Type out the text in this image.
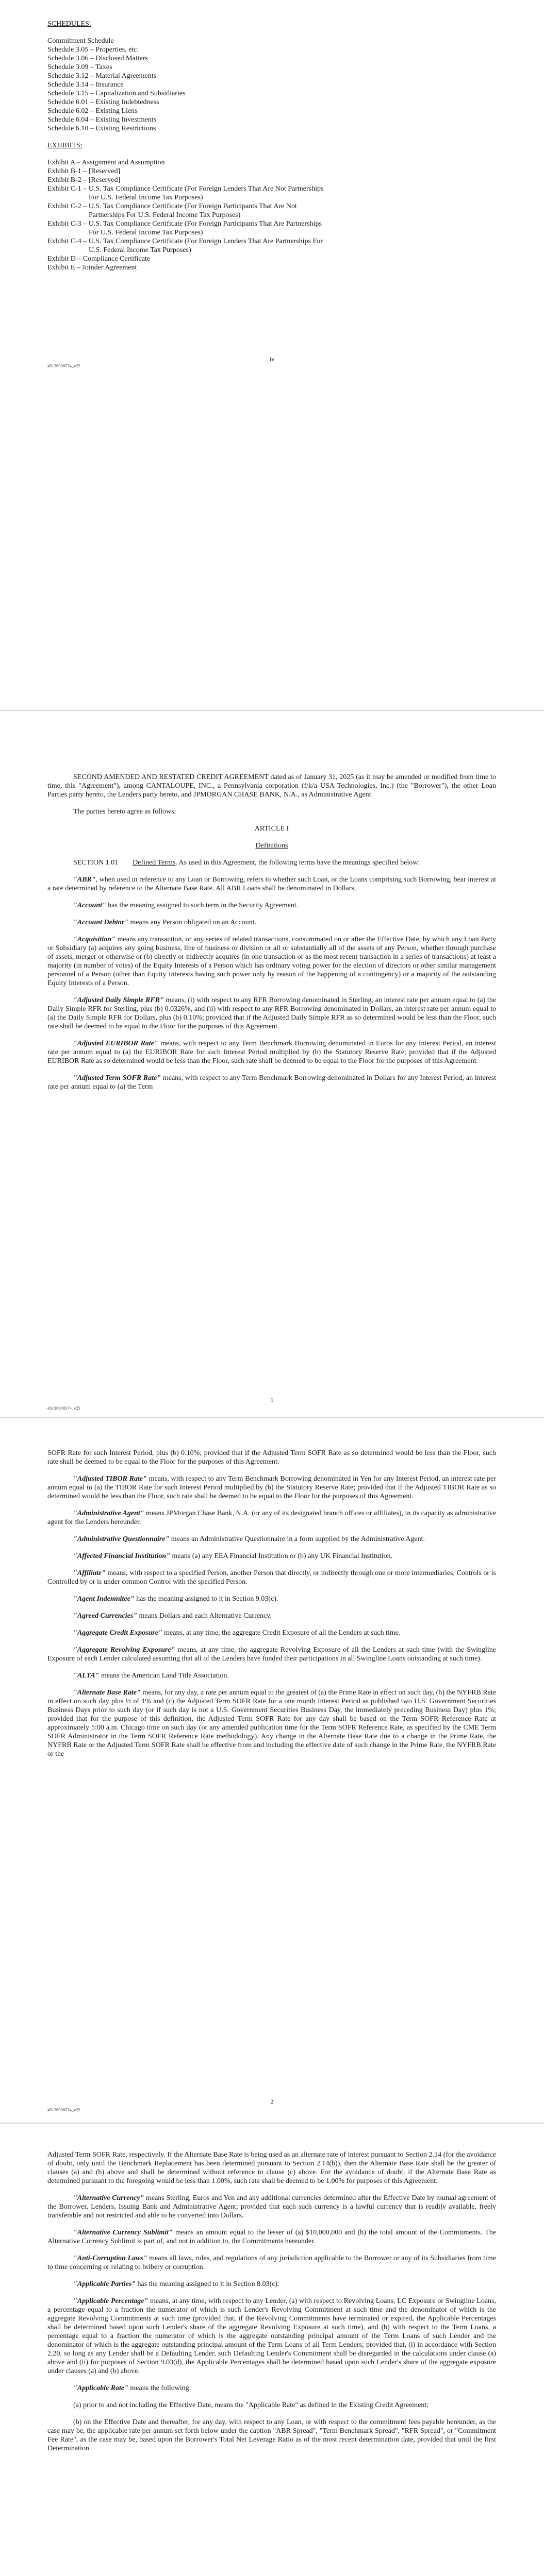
SCHEDULES:
Commitment Schedule
Schedule 3.05 – Properties, etc.
Schedule 3.06 – Disclosed Matters
Schedule 3.09 – Taxes
Schedule 3.12 – Material Agreements
Schedule 3.14 – Insurance
Schedule 3.15 – Capitalization and Subsidiaries
Schedule 6.01 – Existing Indebtedness
Schedule 6.02 – Existing Liens
Schedule 6.04 – Existing Investments
Schedule 6.10 – Existing Restrictions
EXHIBITS:
Exhibit A – Assignment and Assumption
Exhibit B-1 – [Reserved]
Exhibit B-2 – [Reserved]
Exhibit C-1 – U.S. Tax Compliance Certificate (For Foreign Lenders That Are Not Partnerships
For U.S. Federal Income Tax Purposes)
Exhibit C-2 – U.S. Tax Compliance Certificate (For Foreign Participants That Are Not
Partnerships For U.S. Federal Income Tax Purposes)
Exhibit C-3 – U.S. Tax Compliance Certificate (For Foreign Participants That Are Partnerships
For U.S. Federal Income Tax Purposes)
Exhibit C-4 – U.S. Tax Compliance Certificate (For Foreign Lenders That Are Partnerships For
U.S. Federal Income Tax Purposes)
Exhibit D – Compliance Certificate
Exhibit E – Joinder Agreement
iv
45136908574_v25

SECOND AMENDED AND RESTATED CREDIT AGREEMENT dated as of January 31, 2025 (as it may be amended or modified from time to time, this "Agreement"), among CANTALOUPE, INC., a Pennsylvania corporation (f/k/a USA Technologies, Inc.) (the "Borrower"), the other Loan Parties party hereto, the Lenders party hereto, and JPMORGAN CHASE BANK, N.A., as Administrative Agent.

The parties hereto agree as follows:

ARTICLE I
Definitions

SECTION 1.01 Defined Terms. As used in this Agreement, the following terms have the meanings specified below:

"ABR", when used in reference to any Loan or Borrowing, refers to whether such Loan, or the Loans comprising such Borrowing, bear interest at a rate determined by reference to the Alternate Base Rate. All ABR Loans shall be denominated in Dollars.

"Account" has the meaning assigned to such term in the Security Agreement.

"Account Debtor" means any Person obligated on an Account.

"Acquisition" means any transaction, or any series of related transactions, consummated on or after the Effective Date, by which any Loan Party or Subsidiary (a) acquires any going business, line of business or division or all or substantially all of the assets of any Person, whether through purchase of assets, merger or otherwise or (b) directly or indirectly acquires (in one transaction or as the most recent transaction in a series of transactions) at least a majority (in number of votes) of the Equity Interests of a Person which has ordinary voting power for the election of directors or other similar management personnel of a Person (other than Equity Interests having such power only by reason of the happening of a contingency) or a majority of the outstanding Equity Interests of a Person.

"Adjusted Daily Simple RFR" means, (i) with respect to any RFR Borrowing denominated in Sterling, an interest rate per annum equal to (a) the Daily Simple RFR for Sterling, plus (b) 0.0326%, and (ii) with respect to any RFR Borrowing denominated in Dollars, an interest rate per annum equal to (a) the Daily Simple RFR for Dollars, plus (b) 0.10%; provided that if the Adjusted Daily Simple RFR as so determined would be less than the Floor, such rate shall be deemed to be equal to the Floor for the purposes of this Agreement.

"Adjusted EURIBOR Rate" means, with respect to any Term Benchmark Borrowing denominated in Euros for any Interest Period, an interest rate per annum equal to (a) the EURIBOR Rate for such Interest Period multiplied by (b) the Statutory Reserve Rate; provided that if the Adjusted EURIBOR Rate as so determined would be less than the Floor, such rate shall be deemed to be equal to the Floor for the purposes of this Agreement.

"Adjusted Term SOFR Rate" means, with respect to any Term Benchmark Borrowing denominated in Dollars for any Interest Period, an interest rate per annum equal to (a) the Term

1
45136908574_v25

SOFR Rate for such Interest Period, plus (b) 0.10%; provided that if the Adjusted Term SOFR Rate as so determined would be less than the Floor, such rate shall be deemed to be equal to the Floor for the purposes of this Agreement.

"Adjusted TIBOR Rate" means, with respect to any Term Benchmark Borrowing denominated in Yen for any Interest Period, an interest rate per annum equal to (a) the TIBOR Rate for such Interest Period multiplied by (b) the Statutory Reserve Rate; provided that if the Adjusted TIBOR Rate as so determined would be less than the Floor, such rate shall be deemed to be equal to the Floor for the purposes of this Agreement.

"Administrative Agent" means JPMorgan Chase Bank, N.A. (or any of its designated branch offices or affiliates), in its capacity as administrative agent for the Lenders hereunder.

"Administrative Questionnaire" means an Administrative Questionnaire in a form supplied by the Administrative Agent.

"Affected Financial Institution" means (a) any EEA Financial Institution or (b) any UK Financial Institution.

"Affiliate" means, with respect to a specified Person, another Person that directly, or indirectly through one or more intermediaries, Controls or is Controlled by or is under common Control with the specified Person.

"Agent Indemnitee" has the meaning assigned to it in Section 9.03(c).

"Agreed Currencies" means Dollars and each Alternative Currency.

"Aggregate Credit Exposure" means, at any time, the aggregate Credit Exposure of all the Lenders at such time.

"Aggregate Revolving Exposure" means, at any time, the aggregate Revolving Exposure of all the Lenders at such time (with the Swingline Exposure of each Lender calculated assuming that all of the Lenders have funded their participations in all Swingline Loans outstanding at such time).

"ALTA" means the American Land Title Association.

"Alternate Base Rate" means, for any day, a rate per annum equal to the greatest of (a) the Prime Rate in effect on such day, (b) the NYFRB Rate in effect on such day plus ½ of 1% and (c) the Adjusted Term SOFR Rate for a one month Interest Period as published two U.S. Government Securities Business Days prior to such day (or if such day is not a U.S. Government Securities Business Day, the immediately preceding Business Day) plus 1%; provided that for the purpose of this definition, the Adjusted Term SOFR Rate for any day shall be based on the Term SOFR Reference Rate at approximately 5:00 a.m. Chicago time on such day (or any amended publication time for the Term SOFR Reference Rate, as specified by the CME Term SOFR Administrator in the Term SOFR Reference Rate methodology). Any change in the Alternate Base Rate due to a change in the Prime Rate, the NYFRB Rate or the Adjusted Term SOFR Rate shall be effective from and including the effective date of such change in the Prime Rate, the NYFRB Rate or the

2
45136908574_v25

Adjusted Term SOFR Rate, respectively. If the Alternate Base Rate is being used as an alternate rate of interest pursuant to Section 2.14 (for the avoidance of doubt, only until the Benchmark Replacement has been determined pursuant to Section 2.14(b)), then the Alternate Base Rate shall be the greater of clauses (a) and (b) above and shall be determined without reference to clause (c) above. For the avoidance of doubt, if the Alternate Base Rate as determined pursuant to the foregoing would be less than 1.00%, such rate shall be deemed to be 1.00% for purposes of this Agreement.

"Alternative Currency" means Sterling, Euros and Yen and any additional currencies determined after the Effective Date by mutual agreement of the Borrower, Lenders, Issuing Bank and Administrative Agent; provided that each such currency is a lawful currency that is readily available, freely transferable and not restricted and able to be converted into Dollars.

"Alternative Currency Sublimit" means an amount equal to the lesser of (a) $10,000,000 and (b) the total amount of the Commitments. The Alternative Currency Sublimit is part of, and not in addition to, the Commitments hereunder.

"Anti-Corruption Laws" means all laws, rules, and regulations of any jurisdiction applicable to the Borrower or any of its Subsidiaries from time to time concerning or relating to bribery or corruption.

"Applicable Parties" has the meaning assigned to it in Section 8.03(c).

"Applicable Percentage" means, at any time, with respect to any Lender, (a) with respect to Revolving Loans, LC Exposure or Swingline Loans, a percentage equal to a fraction the numerator of which is such Lender's Revolving Commitment at such time and the denominator of which is the aggregate Revolving Commitments at such time (provided that, if the Revolving Commitments have terminated or expired, the Applicable Percentages shall be determined based upon such Lender's share of the aggregate Revolving Exposure at such time), and (b) with respect to the Term Loans, a percentage equal to a fraction the numerator of which is the aggregate outstanding principal amount of the Term Loans of such Lender and the denominator of which is the aggregate outstanding principal amount of the Term Loans of all Term Lenders; provided that, (i) in accordance with Section 2.20, so long as any Lender shall be a Defaulting Lender, such Defaulting Lender's Commitment shall be disregarded in the calculations under clause (a) above and (ii) for purposes of Section 9.03(d), the Applicable Percentages shall be determined based upon such Lender's share of the aggregate exposure under clauses (a) and (b) above.

"Applicable Rate" means the following:

(a) prior to and not including the Effective Date, means the "Applicable Rate" as defined in the Existing Credit Agreement;

(b) on the Effective Date and thereafter, for any day, with respect to any Loan, or with respect to the commitment fees payable hereunder, as the case may be, the applicable rate per annum set forth below under the caption "ABR Spread", "Term Benchmark Spread", "RFR Spread", or "Commitment Fee Rate", as the case may be, based upon the Borrower's Total Net Leverage Ratio as of the most recent determination date, provided that until the first Determination
